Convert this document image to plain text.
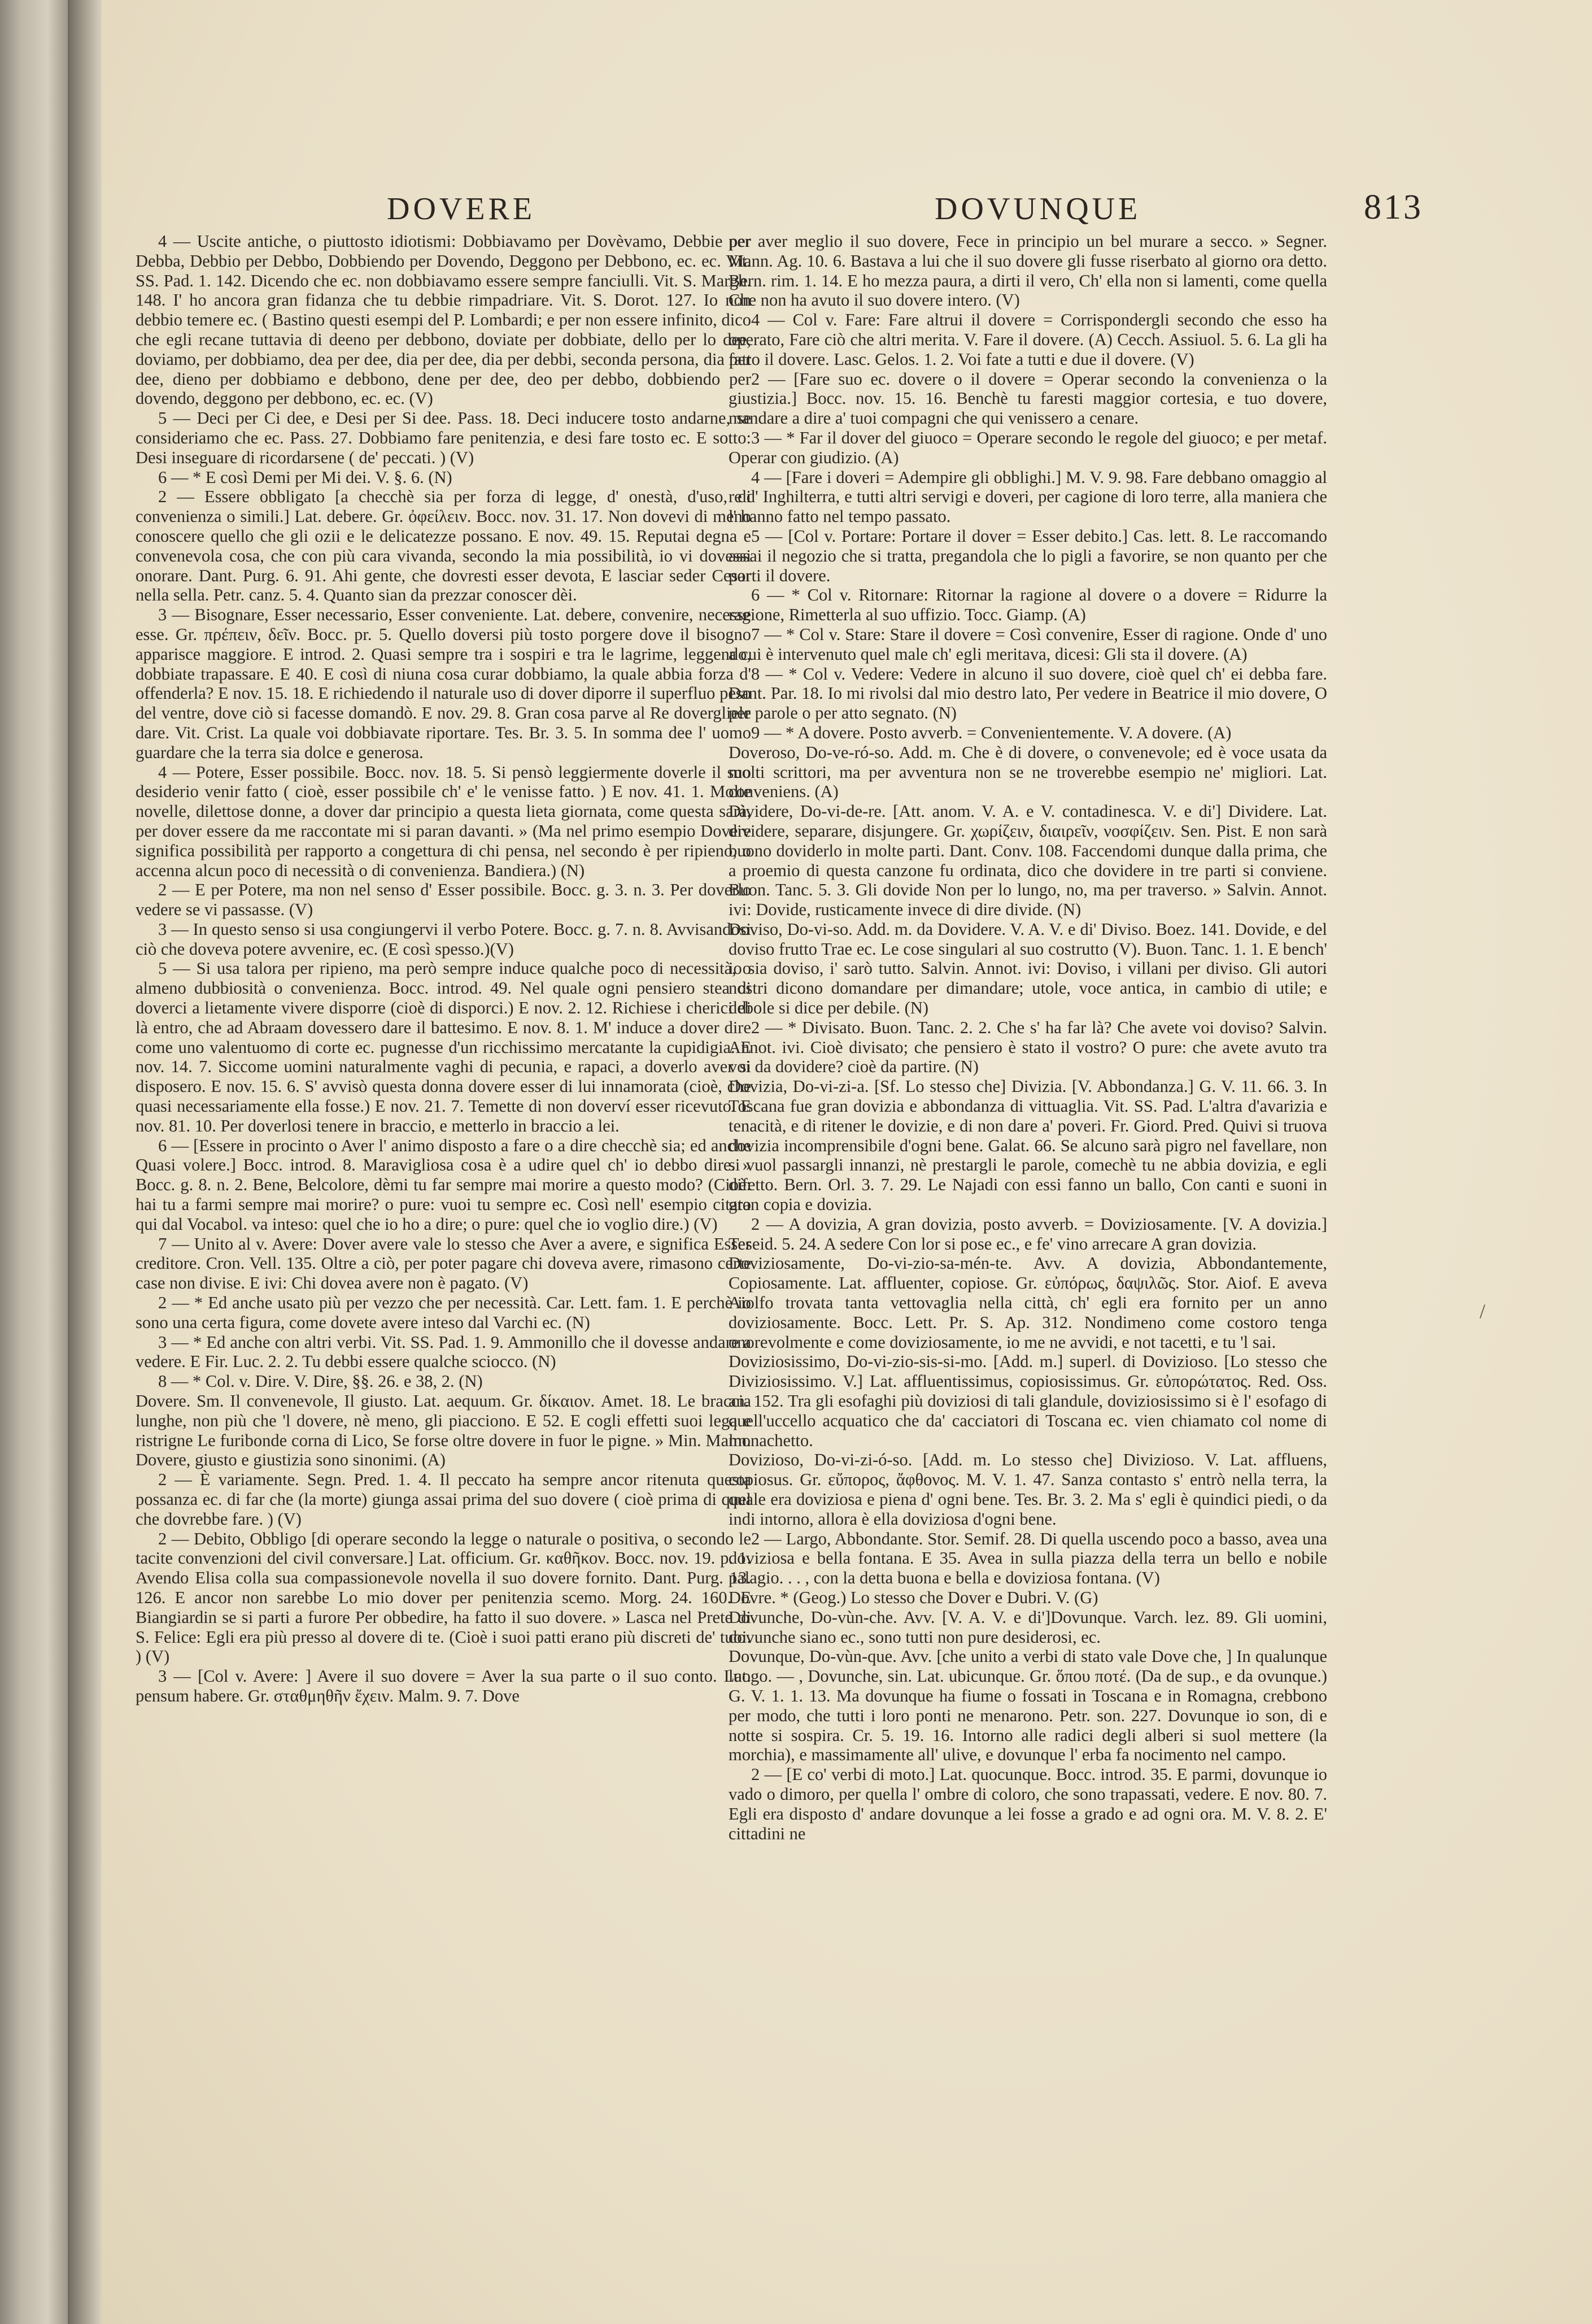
DOVERE	DOVUNQUE	813

4 — Uscite antiche, o piuttosto idiotismi: Dobbiavamo per Dovèvamo, Debbie per Debba, Debbio per Debbo, Dobbiendo per Dovendo, Deggono per Debbono, ec. ec. Vit. SS. Pad. 1. 142. Dicendo che ec. non dobbiavamo essere sempre fanciulli. Vit. S. Margh. 148. I' ho ancora gran fidanza che tu debbie rimpadriare. Vit. S. Dorot. 127. Io non debbio temere ec. ( Bastino questi esempi del P. Lombardi; e per non essere infinito, dico che egli recane tuttavia di deeno per debbono, doviate per dobbiate, dello per lo dee, doviamo, per dobbiamo, dea per dee, dia per dee, dia per debbi, seconda persona, dia per dee, dieno per dobbiamo e debbono, dene per dee, deo per debbo, dobbiendo per dovendo, deggono per debbono, ec. ec. (V)

5 — Deci per Ci dee, e Desi per Si dee. Pass. 18. Deci inducere tosto andarne, se consideriamo che ec. Pass. 27. Dobbiamo fare penitenzia, e desi fare tosto ec. E sotto: Desi inseguare di ricordarsene ( de' peccati. ) (V)

6 — * E così Demi per Mi dei. V. §. 6. (N)

2 — Essere obbligato [a checchè sia per forza di legge, d' onestà, d'uso, di convenienza o simili.] Lat. debere. Gr. ὀφείλειν. Bocc. nov. 31. 17. Non dovevi di meno conoscere quello che gli ozii e le delicatezze possano. E nov. 49. 15. Reputai degna e convenevola cosa, che con più cara vivanda, secondo la mia possibilità, io vi dovessi onorare. Dant. Purg. 6. 91. Ahi gente, che dovresti esser devota, E lasciar seder Cesar nella sella. Petr. canz. 5. 4. Quanto sian da prezzar conoscer dèi.

3 — Bisognare, Esser necessario, Esser conveniente. Lat. debere, convenire, necesse esse. Gr. πρέπειν, δεῖν. Bocc. pr. 5. Quello doversi più tosto porgere dove il bisogno apparisce maggiore. E introd. 2. Quasi sempre tra i sospiri e tra le lagrime, leggendo, dobbiate trapassare. E 40. E così di niuna cosa curar dobbiamo, la quale abbia forza d' offenderla? E nov. 15. 18. E richiedendo il naturale uso di dover diporre il superfluo peso del ventre, dove ciò si facesse domandò. E nov. 29. 8. Gran cosa parve al Re dovergliele dare. Vit. Crist. La quale voi dobbiavate riportare. Tes. Br. 3. 5. In somma dee l' uomo guardare che la terra sia dolce e generosa.

4 — Potere, Esser possibile. Bocc. nov. 18. 5. Si pensò leggiermente doverle il suo desiderio venir fatto ( cioè, esser possibile ch' e' le venisse fatto. ) E nov. 41. 1. Molte novelle, dilettose donne, a dover dar principio a questa lieta giornata, come questa sarà, per dover essere da me raccontate mi si paran davanti. » (Ma nel primo esempio Dovere significa possibilità per rapporto a congettura di chi pensa, nel secondo è per ripieno, o accenna alcun poco di necessità o di convenienza. Bandiera.) (N)

2 — E per Potere, ma non nel senso d' Esser possibile. Bocc. g. 3. n. 3. Per doverlo vedere se vi passasse. (V)

3 — In questo senso si usa congiungervi il verbo Potere. Bocc. g. 7. n. 8. Avvisandosi ciò che doveva potere avvenire, ec. (E così spesso.)(V)

5 — Si usa talora per ripieno, ma però sempre induce qualche poco di necessità, o almeno dubbiosità o convenienza. Bocc. introd. 49. Nel quale ogni pensiero stea di doverci a lietamente vivere disporre (cioè di disporci.) E nov. 2. 12. Richiese i cherici di là entro, che ad Abraam dovessero dare il battesimo. E nov. 8. 1. M' induce a dover dire come uno valentuomo di corte ec. pugnesse d'un ricchissimo mercatante la cupidigia. E nov. 14. 7. Siccome uomini naturalmente vaghi di pecunia, e rapaci, a doverlo aver si disposero. E nov. 15. 6. S' avvisò questa donna dovere esser di lui innamorata (cioè, che quasi necessariamente ella fosse.) E nov. 21. 7. Temette di non doverví esser ricevuto. E nov. 81. 10. Per doverlosi tenere in braccio, e metterlo in braccio a lei.

6 — [Essere in procinto o Aver l' animo disposto a fare o a dire checchè sia; ed anche Quasi volere.] Bocc. introd. 8. Maravigliosa cosa è a udire quel ch' io debbo dire. » Bocc. g. 8. n. 2. Bene, Belcolore, dèmi tu far sempre mai morire a questo modo? (Cioè: hai tu a farmi sempre mai morire? o pure: vuoi tu sempre ec. Così nell' esempio citato qui dal Vocabol. va inteso: quel che io ho a dire; o pure: quel che io voglio dire.) (V)

7 — Unito al v. Avere: Dover avere vale lo stesso che Aver a avere, e significa Esser creditore. Cron. Vell. 135. Oltre a ciò, per poter pagare chi doveva avere, rimasono certe case non divise. E ivi: Chi dovea avere non è pagato. (V)

2 — * Ed anche usato più per vezzo che per necessità. Car. Lett. fam. 1. E perchè io sono una certa figura, come dovete avere inteso dal Varchi ec. (N)

3 — * Ed anche con altri verbi. Vit. SS. Pad. 1. 9. Ammonillo che il dovesse andare a vedere. E Fir. Luc. 2. 2. Tu debbi essere qualche sciocco. (N)

8 — * Col. v. Dire. V. Dire, §§. 26. e 38, 2. (N)

Dovere. Sm. Il convenevole, Il giusto. Lat. aequum. Gr. δίκαιον. Amet. 18. Le braccia lunghe, non più che 'l dovere, nè meno, gli piacciono. E 52. E cogli effetti suoi lega e ristrigne Le furibonde corna di Lico, Se forse oltre dovere in fuor le pigne. » Min. Malm. Dovere, giusto e giustizia sono sinonimi. (A)

2 — È variamente. Segn. Pred. 1. 4. Il peccato ha sempre ancor ritenuta questa possanza ec. di far che (la morte) giunga assai prima del suo dovere ( cioè prima di quel che dovrebbe fare. ) (V)

2 — Debito, Obbligo [di operare secondo la legge o naturale o positiva, o secondo le tacite convenzioni del civil conversare.] Lat. officium. Gr. καθῆκον. Bocc. nov. 19. p. 1. Avendo Elisa colla sua compassionevole novella il suo dovere fornito. Dant. Purg. 13. 126. E ancor non sarebbe Lo mio dover per penitenzia scemo. Morg. 24. 160. E Biangiardin se si parti a furore Per obbedire, ha fatto il suo dovere. » Lasca nel Prete di S. Felice: Egli era più presso al dovere di te. (Cioè i suoi patti erano più discreti de' tuoi. ) (V)

3 — [Col v. Avere: ] Avere il suo dovere = Aver la sua parte o il suo conto. Lat. pensum habere. Gr. σταθμηθῆν ἔχειν. Malm. 9. 7. Dove

per aver meglio il suo dovere, Fece in principio un bel murare a secco. » Segner. Mann. Ag. 10. 6. Bastava a lui che il suo dovere gli fusse riserbato al giorno ora detto. Bern. rim. 1. 14. E ho mezza paura, a dirti il vero, Ch' ella non si lamenti, come quella Che non ha avuto il suo dovere intero. (V)

4 — Col v. Fare: Fare altrui il dovere = Corrispondergli secondo che esso ha operato, Fare ciò che altri merita. V. Fare il dovere. (A) Cecch. Assiuol. 5. 6. La gli ha fatto il dovere. Lasc. Gelos. 1. 2. Voi fate a tutti e due il dovere. (V)

2 — [Fare suo ec. dovere o il dovere = Operar secondo la convenienza o la giustizia.] Bocc. nov. 15. 16. Benchè tu faresti maggior cortesia, e tuo dovere, mandare a dire a' tuoi compagni che qui venissero a cenare.

3 — * Far il dover del giuoco = Operare secondo le regole del giuoco; e per metaf. Operar con giudizio. (A)

4 — [Fare i doveri = Adempire gli obblighi.] M. V. 9. 98. Fare debbano omaggio al re d' Inghilterra, e tutti altri servigi e doveri, per cagione di loro terre, alla maniera che l' hanno fatto nel tempo passato.

5 — [Col v. Portare: Portare il dover = Esser debito.] Cas. lett. 8. Le raccomando assai il negozio che si tratta, pregandola che lo pigli a favorire, se non quanto per che porti il dovere.

6 — * Col v. Ritornare: Ritornar la ragione al dovere o a dovere = Ridurre la ragione, Rimetterla al suo uffizio. Tocc. Giamp. (A)

7 — * Col v. Stare: Stare il dovere = Così convenire, Esser di ragione. Onde d' uno a cui è intervenuto quel male ch' egli meritava, dicesi: Gli sta il dovere. (A)

8 — * Col v. Vedere: Vedere in alcuno il suo dovere, cioè quel ch' ei debba fare. Dant. Par. 18. Io mi rivolsi dal mio destro lato, Per vedere in Beatrice il mio dovere, O per parole o per atto segnato. (N)

9 — * A dovere. Posto avverb. = Convenientemente. V. A dovere. (A)

Doveroso, Do-ve-ró-so. Add. m. Che è di dovere, o convenevole; ed è voce usata da molti scrittori, ma per avventura non se ne troverebbe esempio ne' migliori. Lat. conveniens. (A)

Dividere, Do-vi-de-re. [Att. anom. V. A. e V. contadinesca. V. e di'] Dividere. Lat. dividere, separare, disjungere. Gr. χωρίζειν, διαιρεῖν, νοσφίζειν. Sen. Pist. E non sarà buono doviderlo in molte parti. Dant. Conv. 108. Faccendomi dunque dalla prima, che a proemio di questa canzone fu ordinata, dico che dovidere in tre parti si conviene. Buon. Tanc. 5. 3. Gli dovide Non per lo lungo, no, ma per traverso. » Salvin. Annot. ivi: Dovide, rusticamente invece di dire divide. (N)

Doviso, Do-vi-so. Add. m. da Dovidere. V. A. V. e di' Diviso. Boez. 141. Dovide, e del doviso frutto Trae ec. Le cose singulari al suo costrutto (V). Buon. Tanc. 1. 1. E bench' io sia doviso, i' sarò tutto. Salvin. Annot. ivi: Doviso, i villani per diviso. Gli autori nostri dicono domandare per dimandare; utole, voce antica, in cambio di utile; e debole si dice per debile. (N)

2 — * Divisato. Buon. Tanc. 2. 2. Che s' ha far là? Che avete voi doviso? Salvin. Annot. ivi. Cioè divisato; che pensiero è stato il vostro? O pure: che avete avuto tra voi da dovidere? cioè da partire. (N)

Dovizia, Do-vi-zi-a. [Sf. Lo stesso che] Divizia. [V. Abbondanza.] G. V. 11. 66. 3. In Toscana fue gran dovizia e abbondanza di vittuaglia. Vit. SS. Pad. L'altra d'avarizia e tenacità, e di ritener le dovizie, e di non dare a' poveri. Fr. Giord. Pred. Quivi si truova dovizia incomprensibile d'ogni bene. Galat. 66. Se alcuno sarà pigro nel favellare, non si vuol passargli innanzi, nè prestargli le parole, comechè tu ne abbia dovizia, e egli difetto. Bern. Orl. 3. 7. 29. Le Najadi con essi fanno un ballo, Con canti e suoni in gran copia e dovizia.

2 — A dovizia, A gran dovizia, posto avverb. = Doviziosamente. [V. A dovizia.] Teseid. 5. 24. A sedere Con lor si pose ec., e fe' vino arrecare A gran dovizia.

Doviziosamente, Do-vi-zio-sa-mén-te. Avv. A dovizia, Abbondantemente, Copiosamente. Lat. affluenter, copiose. Gr. εὐπόρως, δαψιλῶς. Stor. Aiof. E aveva Aiolfo trovata tanta vettovaglia nella città, ch' egli era fornito per un anno doviziosamente. Bocc. Lett. Pr. S. Ap. 312. Nondimeno come costoro tenga onorevolmente e come doviziosamente, io me ne avvidi, e not tacetti, e tu 'l sai.

Doviziosissimo, Do-vi-zio-sis-si-mo. [Add. m.] superl. di Dovizioso. [Lo stesso che Diviziosissimo. V.] Lat. affluentissimus, copiosissimus. Gr. εὐπορώτατος. Red. Oss. an. 152. Tra gli esofaghi più doviziosi di tali glandule, doviziosissimo si è l' esofago di quell'uccello acquatico che da' cacciatori di Toscana ec. vien chiamato col nome di monachetto.

Dovizioso, Do-vi-zi-ó-so. [Add. m. Lo stesso che] Divizioso. V. Lat. affluens, copiosus. Gr. εὔπορος, ἄφθονος. M. V. 1. 47. Sanza contasto s' entrò nella terra, la quale era doviziosa e piena d' ogni bene. Tes. Br. 3. 2. Ma s' egli è quindici piedi, o da indi intorno, allora è ella doviziosa d'ogni bene.

2 — Largo, Abbondante. Stor. Semif. 28. Di quella uscendo poco a basso, avea una doviziosa e bella fontana. E 35. Avea in sulla piazza della terra un bello e nobile palagio. . . , con la detta buona e bella e doviziosa fontana. (V)

Dovre. * (Geog.) Lo stesso che Dover e Dubri. V. (G)

Dovunche, Do-vùn-che. Avv. [V. A. V. e di']Dovunque. Varch. lez. 89. Gli uomini, dovunche siano ec., sono tutti non pure desiderosi, ec.

Dovunque, Do-vùn-que. Avv. [che unito a verbi di stato vale Dove che, ] In qualunque luogo. — , Dovunche, sin. Lat. ubicunque. Gr. ὅπου ποτέ. (Da de sup., e da ovunque.) G. V. 1. 1. 13. Ma dovunque ha fiume o fossati in Toscana e in Romagna, crebbono per modo, che tutti i loro ponti ne menarono. Petr. son. 227. Dovunque io son, di e notte si sospira. Cr. 5. 19. 16. Intorno alle radici degli alberi si suol mettere (la morchia), e massimamente all' ulive, e dovunque l' erba fa nocimento nel campo.

2 — [E co' verbi di moto.] Lat. quocunque. Bocc. introd. 35. E parmi, dovunque io vado o dimoro, per quella l' ombre di coloro, che sono trapassati, vedere. E nov. 80. 7. Egli era disposto d' andare dovunque a lei fosse a grado e ad ogni ora. M. V. 8. 2. E' cittadini ne

/
